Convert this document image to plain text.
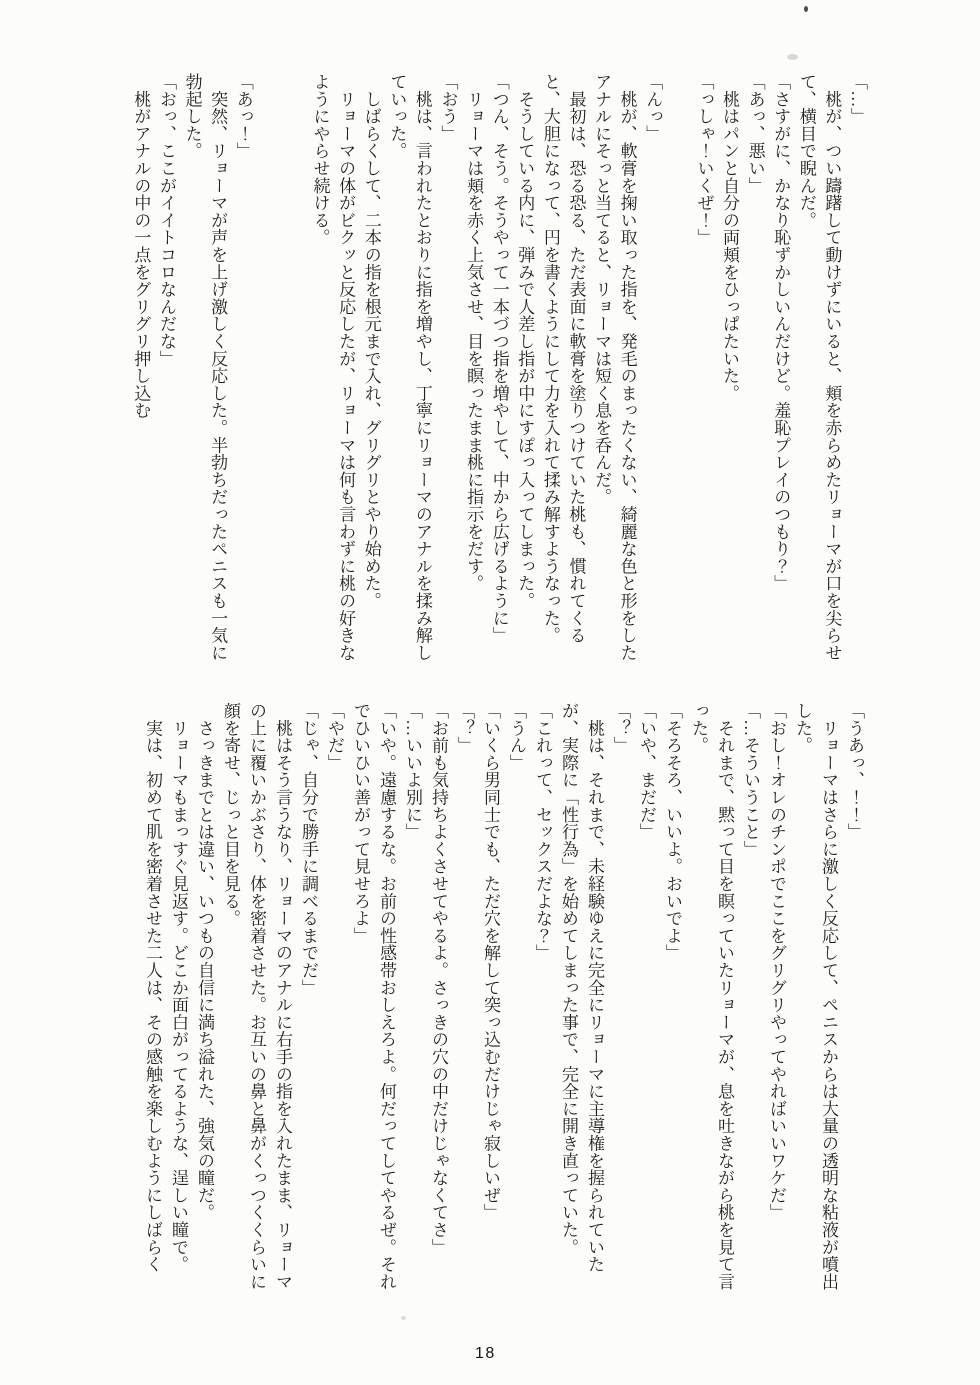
「…」
　桃が、つい躊躇して動けずにいると、頬を赤らめたリョーマが口を尖らせ
て、横目で睨んだ。
「さすがに、かなり恥ずかしいんだけど。羞恥プレイのつもり？」
「あっ、悪い」
　桃はパンと自分の両頬をひっぱたいた。
「っしゃ！いくぜ！」
「んっ」
　桃が、軟膏を掬い取った指を、発毛のまったくない、綺麗な色と形をした
アナルにそっと当てると、リョーマは短く息を呑んだ。
　最初は、恐る恐る、ただ表面に軟膏を塗りつけていた桃も、慣れてくる
と、大胆になって、円を書くようにして力を入れて揉み解すようなった。
　そうしている内に、弾みで人差し指が中にすぽっ入ってしまった。
「つん、そう。そうやって一本づつ指を増やして、中から広げるように」
　リョーマは頬を赤く上気させ、目を瞑ったまま桃に指示をだす。
「おう」
　桃は、言われたとおりに指を増やし、丁寧にリョーマのアナルを揉み解し
ていった。
　しばらくして、二本の指を根元まで入れ、グリグリとやり始めた。
　リョーマの体がビクッと反応したが、リョーマは何も言わずに桃の好きな
ようにやらせ続ける。
「あっ！」
　突然、リョーマが声を上げ激しく反応した。半勃ちだったペニスも一気に
勃起した。
「おっ、ここがイイトコロなんだな」
　桃がアナルの中の一点をグリグリ押し込む
「うあっ、！！」
　リョーマはさらに激しく反応して、ペニスからは大量の透明な粘液が噴出
した。
「おし！オレのチンポでここをグリグリやってやればいいワケだ」
「…そういうこと」
　それまで、黙って目を瞑っていたリョーマが、息を吐きながら桃を見て言
った。
「そろそろ、いいよ。おいでよ」
「いや、まだだ」
「？」
　桃は、それまで、未経験ゆえに完全にリョーマに主導権を握られていた
が、実際に「性行為」を始めてしまった事で、完全に開き直っていた。
「これって、セックスだよな？」
「うん」
「いくら男同士でも、ただ穴を解して突っ込むだけじゃ寂しいぜ」
「？」
「お前も気持ちよくさせてやるよ。さっきの穴の中だけじゃなくてさ」
「…いいよ別に」
「いや。遠慮するな。お前の性感帯おしえろよ。何だってしてやるぜ。それ
でひいひい善がって見せろよ」
「やだ」
「じゃ、自分で勝手に調べるまでだ」
　桃はそう言うなり、リョーマのアナルに右手の指を入れたまま、リョーマ
の上に覆いかぶさり、体を密着させた。お互いの鼻と鼻がくっつくくらいに
顔を寄せ、じっと目を見る。
　さっきまでとは違い、いつもの自信に満ち溢れた、強気の瞳だ。
　リョーマもまっすぐ見返す。どこか面白がってるような、逞しい瞳で。
　実は、初めて肌を密着させた二人は、その感触を楽しむようにしばらく
18
